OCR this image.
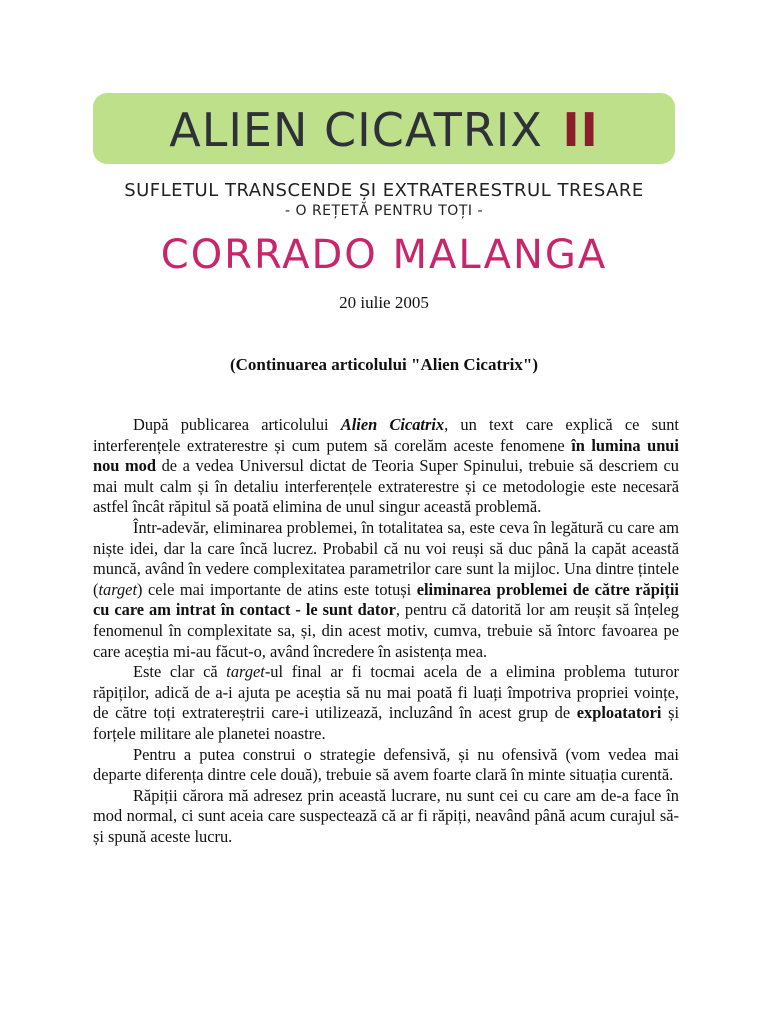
ALIEN CICATRIX II
SUFLETUL TRANSCENDE ȘI EXTRATERESTRUL TRESARE
- O REȚETĂ PENTRU TOȚI -
CORRADO MALANGA
20 iulie 2005
(Continuarea articolului "Alien Cicatrix")

După publicarea articolului Alien Cicatrix, un text care explică ce sunt interferențele extraterestre și cum putem să corelăm aceste fenomene în lumina unui nou mod de a vedea Universul dictat de Teoria Super Spinului, trebuie să descriem cu mai mult calm și în detaliu interferențele extraterestre și ce metodologie este necesară astfel încât răpitul să poată elimina de unul singur această problemă.

Într-adevăr, eliminarea problemei, în totalitatea sa, este ceva în legătură cu care am niște idei, dar la care încă lucrez. Probabil că nu voi reuși să duc până la capăt această muncă, având în vedere complexitatea parametrilor care sunt la mijloc. Una dintre țintele (target) cele mai importante de atins este totuși eliminarea problemei de către răpiții cu care am intrat în contact - le sunt dator, pentru că datorită lor am reușit să înțeleg fenomenul în complexitate sa, și, din acest motiv, cumva, trebuie să întorc favoarea pe care aceștia mi-au făcut-o, având încredere în asistența mea.

Este clar că target-ul final ar fi tocmai acela de a elimina problema tuturor răpiților, adică de a-i ajuta pe aceștia să nu mai poată fi luați împotriva propriei voințe, de către toți extratereștrii care-i utilizează, incluzând în acest grup de exploatatori și forțele militare ale planetei noastre.

Pentru a putea construi o strategie defensivă, și nu ofensivă (vom vedea mai departe diferența dintre cele două), trebuie să avem foarte clară în minte situația curentă.

Răpiții cărora mă adresez prin această lucrare, nu sunt cei cu care am de-a face în mod normal, ci sunt aceia care suspectează că ar fi răpiți, neavând până acum curajul să-și spună aceste lucru.
